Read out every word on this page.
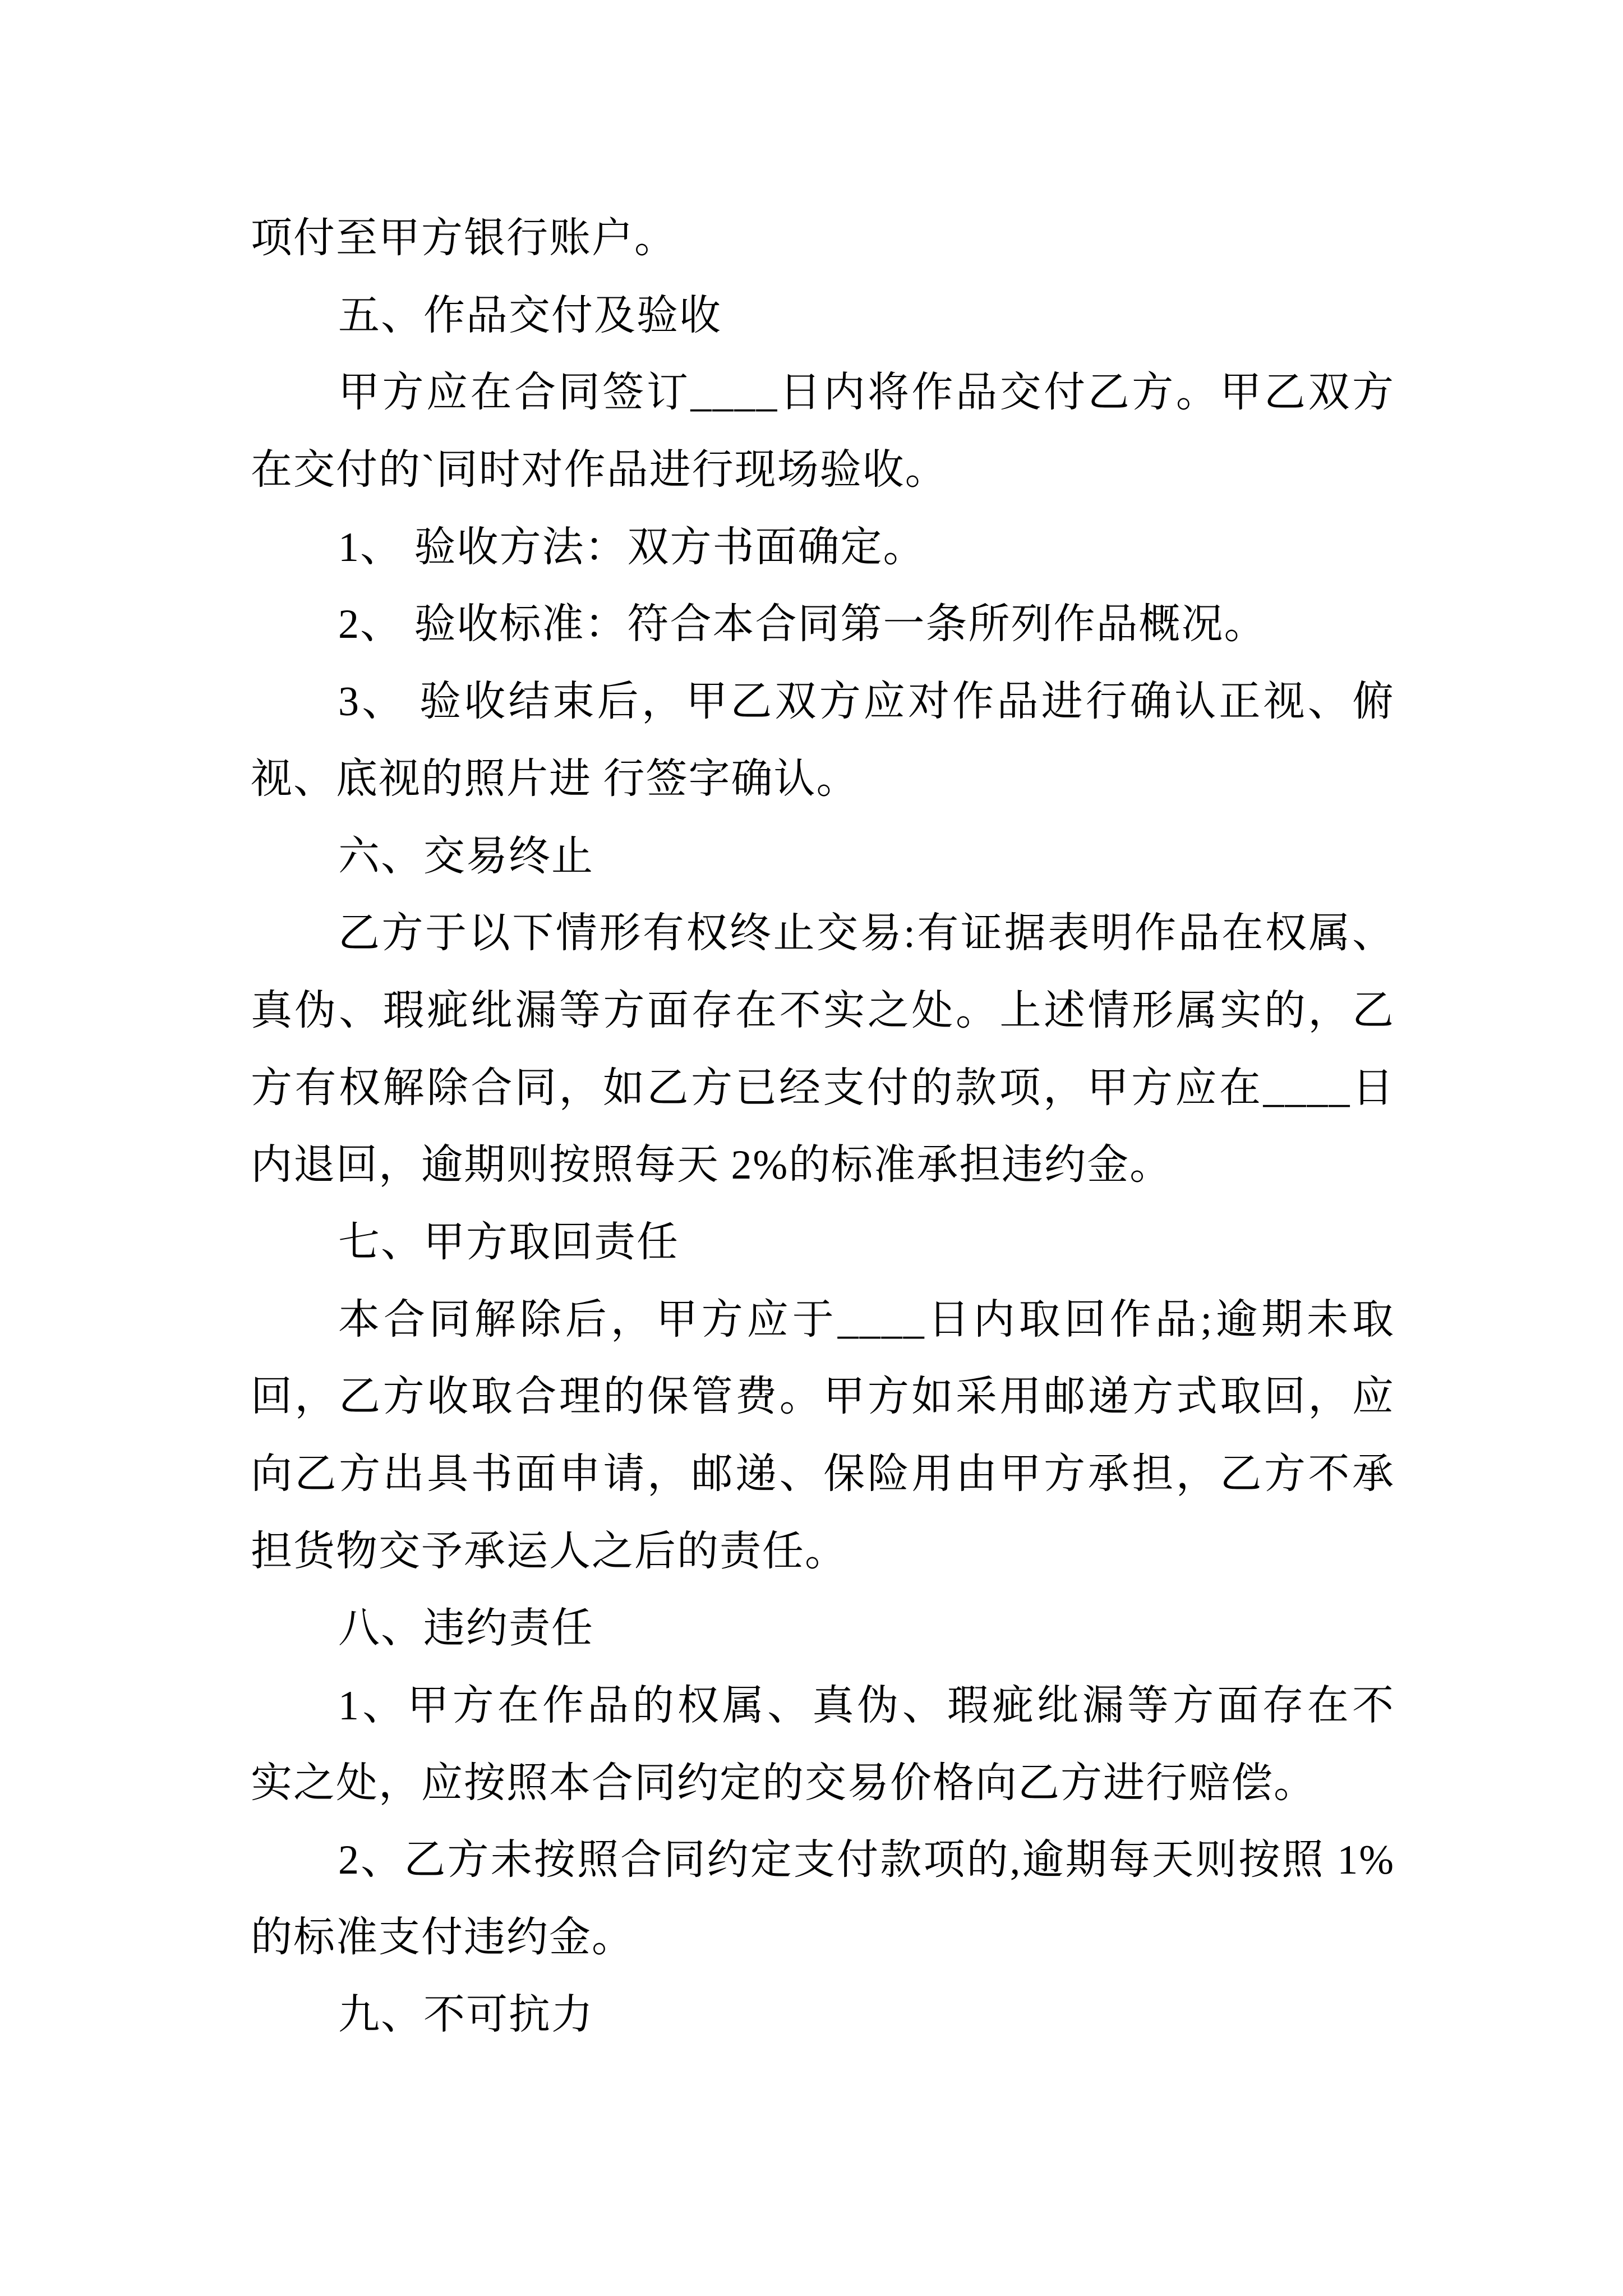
项付至甲方银行账户。
五、作品交付及验收
甲方应在合同签订____日内将作品交付乙方。甲乙双方
在交付的`同时对作品进行现场验收。
1、 验收方法：双方书面确定。
2、 验收标准：符合本合同第一条所列作品概况。
3、 验收结束后，甲乙双方应对作品进行确认正视、俯
视、底视的照片进 行签字确认。
六、交易终止
乙方于以下情形有权终止交易:有证据表明作品在权属、
真伪、瑕疵纰漏等方面存在不实之处。上述情形属实的，乙
方有权解除合同，如乙方已经支付的款项，甲方应在____日
内退回，逾期则按照每天 2%的标准承担违约金。
七、甲方取回责任
本合同解除后，甲方应于____日内取回作品;逾期未取
回，乙方收取合理的保管费。甲方如采用邮递方式取回，应
向乙方出具书面申请，邮递、保险用由甲方承担，乙方不承
担货物交予承运人之后的责任。
八、违约责任
1、甲方在作品的权属、真伪、瑕疵纰漏等方面存在不
实之处，应按照本合同约定的交易价格向乙方进行赔偿。
2、乙方未按照合同约定支付款项的,逾期每天则按照 1%
的标准支付违约金。
九、不可抗力
